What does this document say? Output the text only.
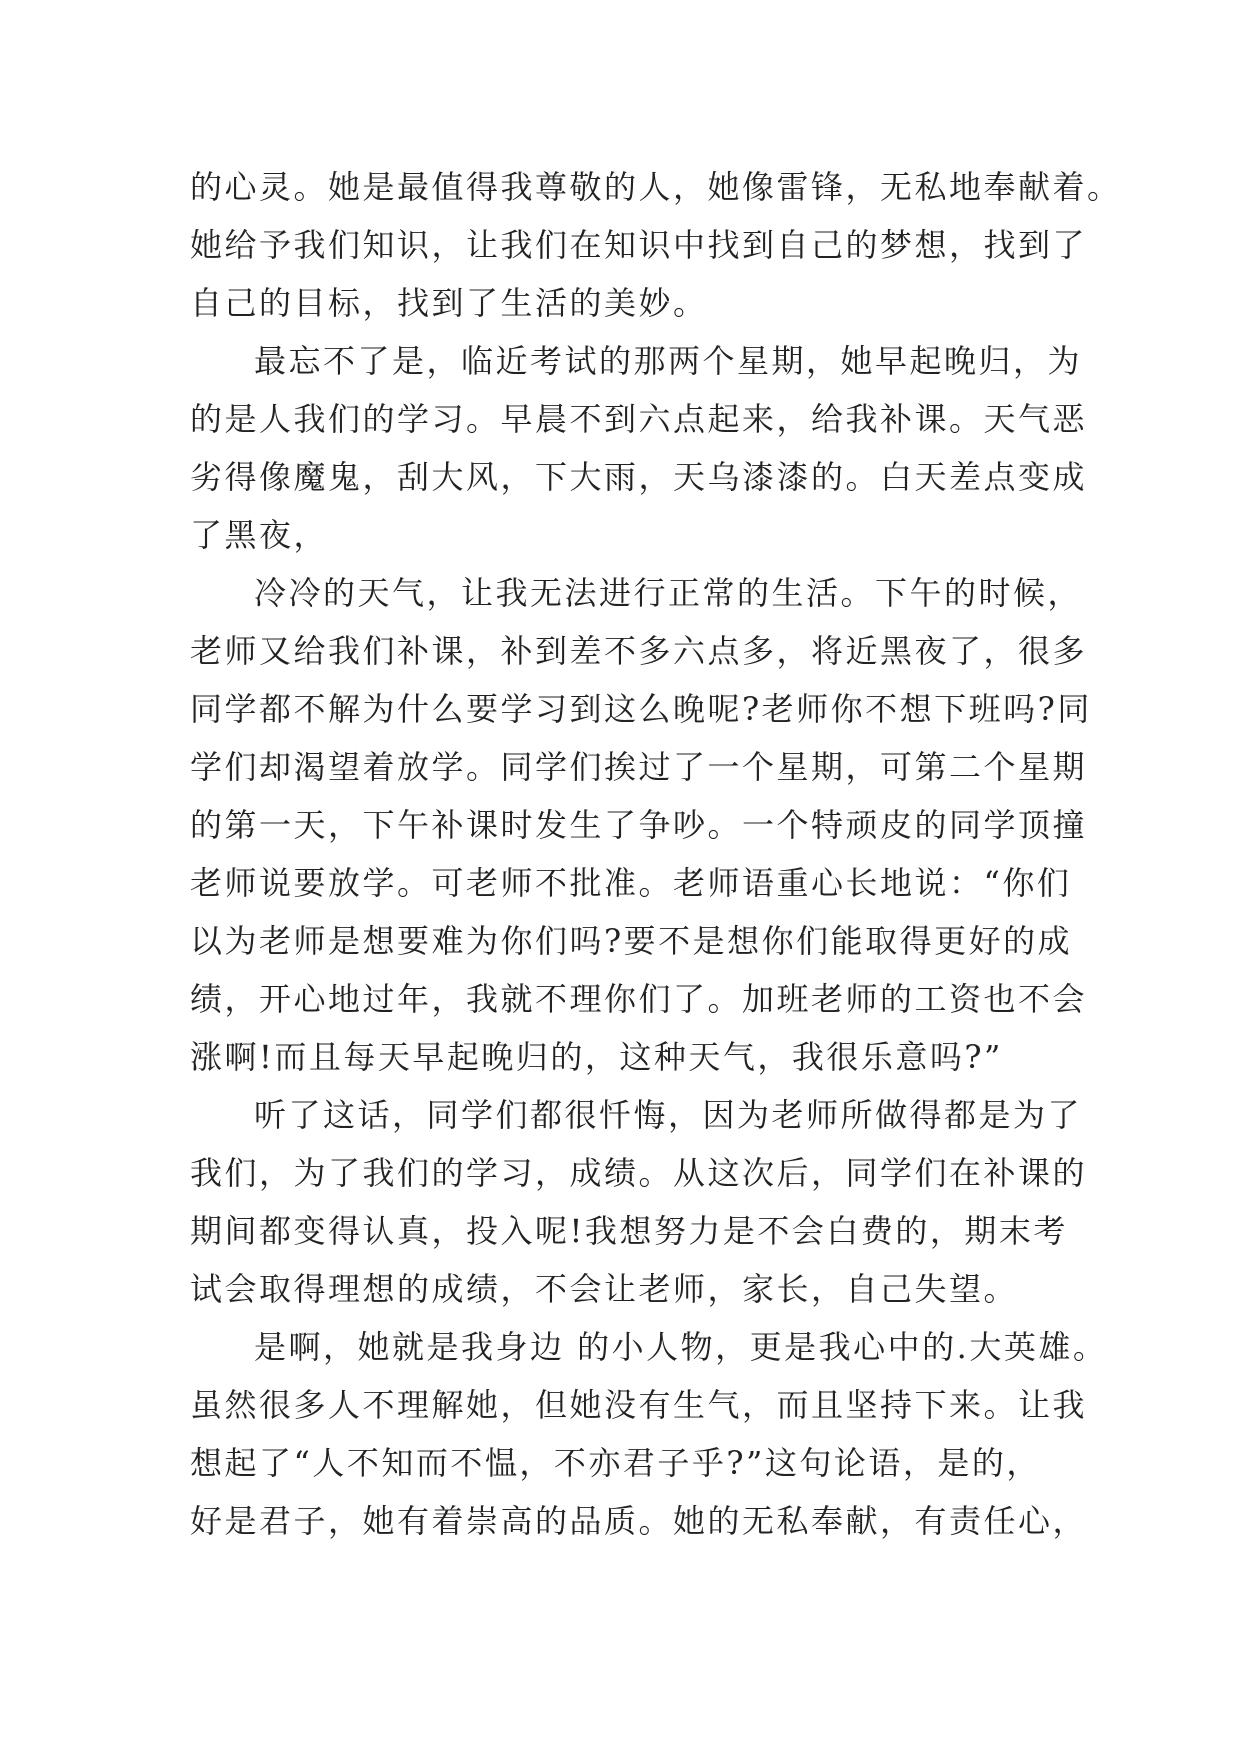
的心灵。她是最值得我尊敬的人，她像雷锋，无私地奉献着。
她给予我们知识，让我们在知识中找到自己的梦想，找到了
自己的目标，找到了生活的美妙。
最忘不了是，临近考试的那两个星期，她早起晚归，为
的是人我们的学习。早晨不到六点起来，给我补课。天气恶
劣得像魔鬼，刮大风，下大雨，天乌漆漆的。白天差点变成
了黑夜，
冷冷的天气，让我无法进行正常的生活。下午的时候，
老师又给我们补课，补到差不多六点多，将近黑夜了，很多
同学都不解为什么要学习到这么晚呢?老师你不想下班吗?同
学们却渴望着放学。同学们挨过了一个星期，可第二个星期
的第一天，下午补课时发生了争吵。一个特顽皮的同学顶撞
老师说要放学。可老师不批准。老师语重心长地说：“你们
以为老师是想要难为你们吗?要不是想你们能取得更好的成
绩，开心地过年，我就不理你们了。加班老师的工资也不会
涨啊!而且每天早起晚归的，这种天气，我很乐意吗?”
听了这话，同学们都很忏悔，因为老师所做得都是为了
我们，为了我们的学习，成绩。从这次后，同学们在补课的
期间都变得认真，投入呢!我想努力是不会白费的，期末考
试会取得理想的成绩，不会让老师，家长，自己失望。
是啊，她就是我身边 的小人物，更是我心中的.大英雄。
虽然很多人不理解她，但她没有生气，而且坚持下来。让我
想起了“人不知而不愠，不亦君子乎?”这句论语，是的，
好是君子，她有着崇高的品质。她的无私奉献，有责任心，
